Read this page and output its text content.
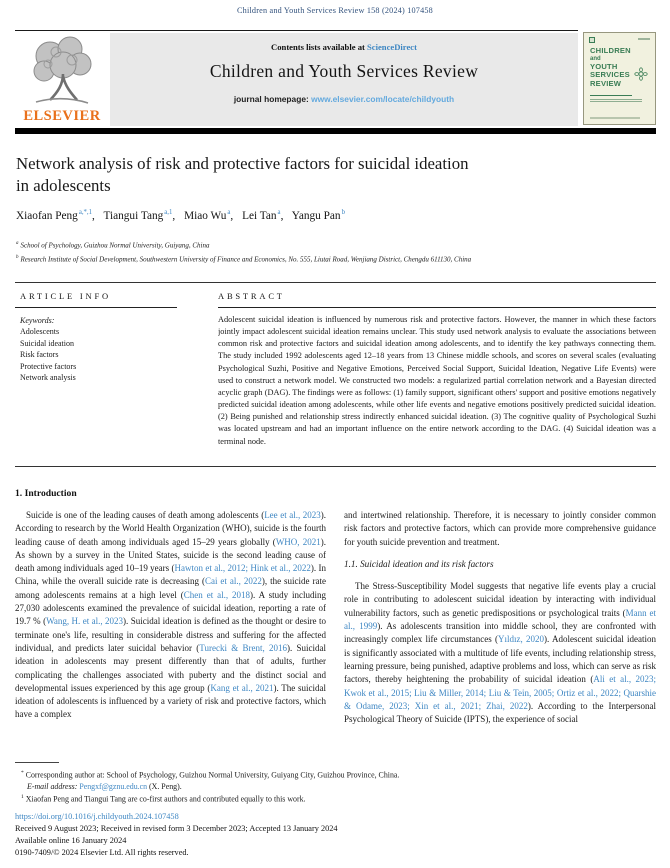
Children and Youth Services Review 158 (2024) 107458
ELSEVIER
Contents lists available at ScienceDirect
Children and Youth Services Review
journal homepage: www.elsevier.com/locate/childyouth
CHILDREN
and
YOUTH
SERVICES
REVIEW
Network analysis of risk and protective factors for suicidal ideation
in adolescents
Xiaofan Peng$^{a,*,1}$, Tiangui Tang$^{a,1}$, Miao Wu$^a$, Lei Tan$^a$, Yangu Pan$^b$
$^a$ School of Psychology, Guizhou Normal University, Guiyang, China
$^b$ Research Institute of Social Development, Southwestern University of Finance and Economics, No. 555, Liutai Road, Wenjiang District, Chengdu 611130, China
ARTICLE INFO	ABSTRACT
Keywords:
Adolescents
Suicidal ideation
Risk factors
Protective factors
Network analysis
Adolescent suicidal ideation is influenced by numerous risk and protective factors. However, the manner in which these factors jointly impact adolescent suicidal ideation remains unclear. This study used network analysis to evaluate the associations between common risk and protective factors and suicidal ideation among adolescents, and to identify the key pathways connecting them. The study included 1992 adolescents aged 12–18 years from 13 Chinese middle schools, and scores on several scales (evaluating Psychological Suzhi, Positive and Negative Emotions, Perceived Social Support, Suicidal Ideation, Negative Life Events) were used to construct a network model. We constructed two models: a regularized partial correlation network and a Bayesian directed acyclic graph (DAG). The findings were as follows: (1) family support, significant others' support and positive emotions negatively predicted suicidal ideation among adolescents, while other life events and negative emotions positively predicted suicidal ideation. (2) Being punished and relationship stress indirectly enhanced suicidal ideation. (3) The cognitive quality of Psychological Suzhi was located upstream and had an important influence on the entire network according to the DAG. (4) Suicidal ideation was a terminal node.
1. Introduction

Suicide is one of the leading causes of death among adolescents (Lee et al., 2023). According to research by the World Health Organization (WHO), suicide is the fourth leading cause of death among individuals aged 15–29 years globally (WHO, 2021). As shown by a survey in the United States, suicide is the second leading cause of death among individuals aged 10–19 years (Hawton et al., 2012; Hink et al., 2022). In China, while the overall suicide rate is decreasing (Cai et al., 2022), the suicide rate among adolescents remains at a high level (Chen et al., 2018). A study including 27,030 adolescents examined the prevalence of suicidal ideation, reporting a rate of 19.7 % (Wang, H. et al., 2023). Suicidal ideation is defined as the thought or desire to terminate one's life, resulting in considerable distress and suffering for the affected individual, and predicts later suicidal behavior (Turecki & Brent, 2016). Suicidal ideation in adolescents may present differently than that of adults, further complicating the challenges associated with puberty and the distinct social and developmental issues experienced by this age group (Kang et al., 2021). The suicidal ideation of adolescents is influenced by a variety of risk and protective factors, which have a complex

and intertwined relationship. Therefore, it is necessary to jointly consider common risk factors and protective factors, which can provide more comprehensive guidance for youth suicide prevention and treatment.

1.1. Suicidal ideation and its risk factors

The Stress-Susceptibility Model suggests that negative life events play a crucial role in contributing to adolescent suicidal ideation by interacting with individual vulnerability factors, such as genetic predispositions or psychological traits (Mann et al., 1999). As adolescents transition into middle school, they are confronted with increasingly complex life circumstances (Yıldız, 2020). Adolescent suicidal ideation is significantly associated with a multitude of life events, including relationship stress, learning pressure, being punished, adaptive problems and loss, which can serve as risk factors, thereby heightening the probability of suicidal ideation (Ali et al., 2023; Kwok et al., 2015; Liu & Miller, 2014; Liu & Tein, 2005; Ortiz et al., 2022; Quarshie & Odame, 2023; Xin et al., 2021; Zhai, 2022). According to the Interpersonal Psychological Theory of Suicide (IPTS), the experience of social

* Corresponding author at: School of Psychology, Guizhou Normal University, Guiyang City, Guizhou Province, China.
E-mail address: Pengxf@gznu.edu.cn (X. Peng).
$^1$ Xiaofan Peng and Tiangui Tang are co-first authors and contributed equally to this work.
https://doi.org/10.1016/j.childyouth.2024.107458
Received 9 August 2023; Received in revised form 3 December 2023; Accepted 13 January 2024
Available online 16 January 2024
0190-7409/© 2024 Elsevier Ltd. All rights reserved.
